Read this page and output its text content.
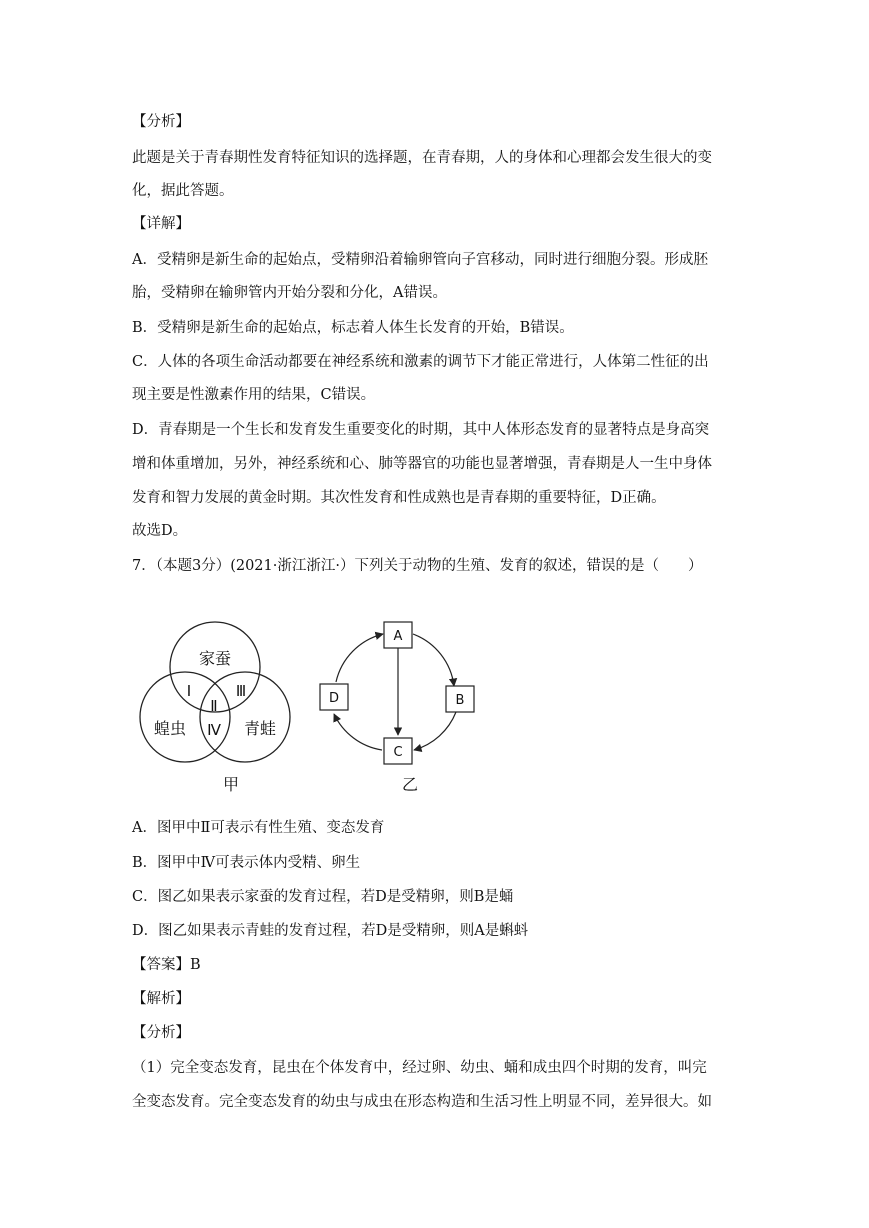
【分析】
此题是关于青春期性发育特征知识的选择题，在青春期，人的身体和心理都会发生很大的变
化，据此答题。
【详解】
A．受精卵是新生命的起始点，受精卵沿着输卵管向子宫移动，同时进行细胞分裂。形成胚
胎，受精卵在输卵管内开始分裂和分化，A错误。
B．受精卵是新生命的起始点，标志着人体生长发育的开始，B错误。
C．人体的各项生命活动都要在神经系统和激素的调节下才能正常进行，人体第二性征的出
现主要是性激素作用的结果，C错误。
D．青春期是一个生长和发育发生重要变化的时期，其中人体形态发育的显著特点是身高突
增和体重增加，另外，神经系统和心、肺等器官的功能也显著增强，青春期是人一生中身体
发育和智力发展的黄金时期。其次性发育和性成熟也是青春期的重要特征，D正确。
故选D。
7．（本题3分）(2021·浙江浙江·）下列关于动物的生殖、发育的叙述，错误的是（　　）
家蚕
蝗虫	青蛙
Ⅰ
Ⅱ
Ⅲ
Ⅳ
甲
A
B
C
D
乙
A．图甲中Ⅱ可表示有性生殖、变态发育
B．图甲中Ⅳ可表示体内受精、卵生
C．图乙如果表示家蚕的发育过程，若D是受精卵，则B是蛹
D．图乙如果表示青蛙的发育过程，若D是受精卵，则A是蝌蚪
【答案】B
【解析】
【分析】
（1）完全变态发育，昆虫在个体发育中，经过卵、幼虫、蛹和成虫四个时期的发育，叫完
全变态发育。完全变态发育的幼虫与成虫在形态构造和生活习性上明显不同，差异很大。如
